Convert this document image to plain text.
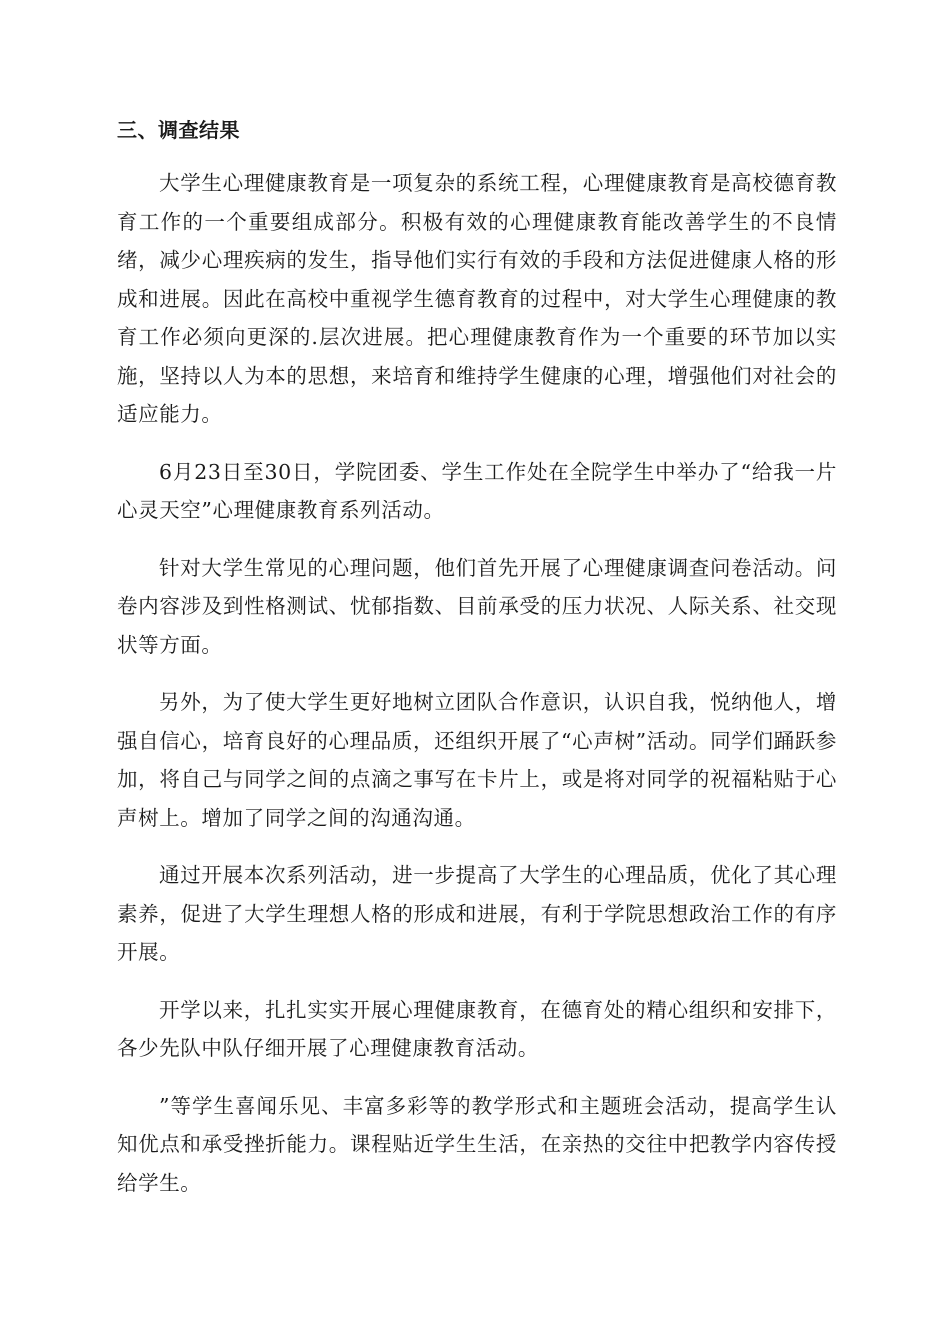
三、调查结果

大学生心理健康教育是一项复杂的系统工程，心理健康教育是高校德育教育工作的一个重要组成部分。积极有效的心理健康教育能改善学生的不良情绪，减少心理疾病的发生，指导他们实行有效的手段和方法促进健康人格的形成和进展。因此在高校中重视学生德育教育的过程中，对大学生心理健康的教育工作必须向更深的.层次进展。把心理健康教育作为一个重要的环节加以实施，坚持以人为本的思想，来培育和维持学生健康的心理，增强他们对社会的适应能力。

6月23日至30日，学院团委、学生工作处在全院学生中举办了“给我一片心灵天空”心理健康教育系列活动。

针对大学生常见的心理问题，他们首先开展了心理健康调查问卷活动。问卷内容涉及到性格测试、忧郁指数、目前承受的压力状况、人际关系、社交现状等方面。

另外，为了使大学生更好地树立团队合作意识，认识自我，悦纳他人，增强自信心，培育良好的心理品质，还组织开展了“心声树”活动。同学们踊跃参加，将自己与同学之间的点滴之事写在卡片上，或是将对同学的祝福粘贴于心声树上。增加了同学之间的沟通沟通。

通过开展本次系列活动，进一步提高了大学生的心理品质，优化了其心理素养，促进了大学生理想人格的形成和进展，有利于学院思想政治工作的有序开展。

开学以来，扎扎实实开展心理健康教育，在德育处的精心组织和安排下，各少先队中队仔细开展了心理健康教育活动。

”等学生喜闻乐见、丰富多彩等的教学形式和主题班会活动，提高学生认知优点和承受挫折能力。课程贴近学生生活，在亲热的交往中把教学内容传授给学生。
